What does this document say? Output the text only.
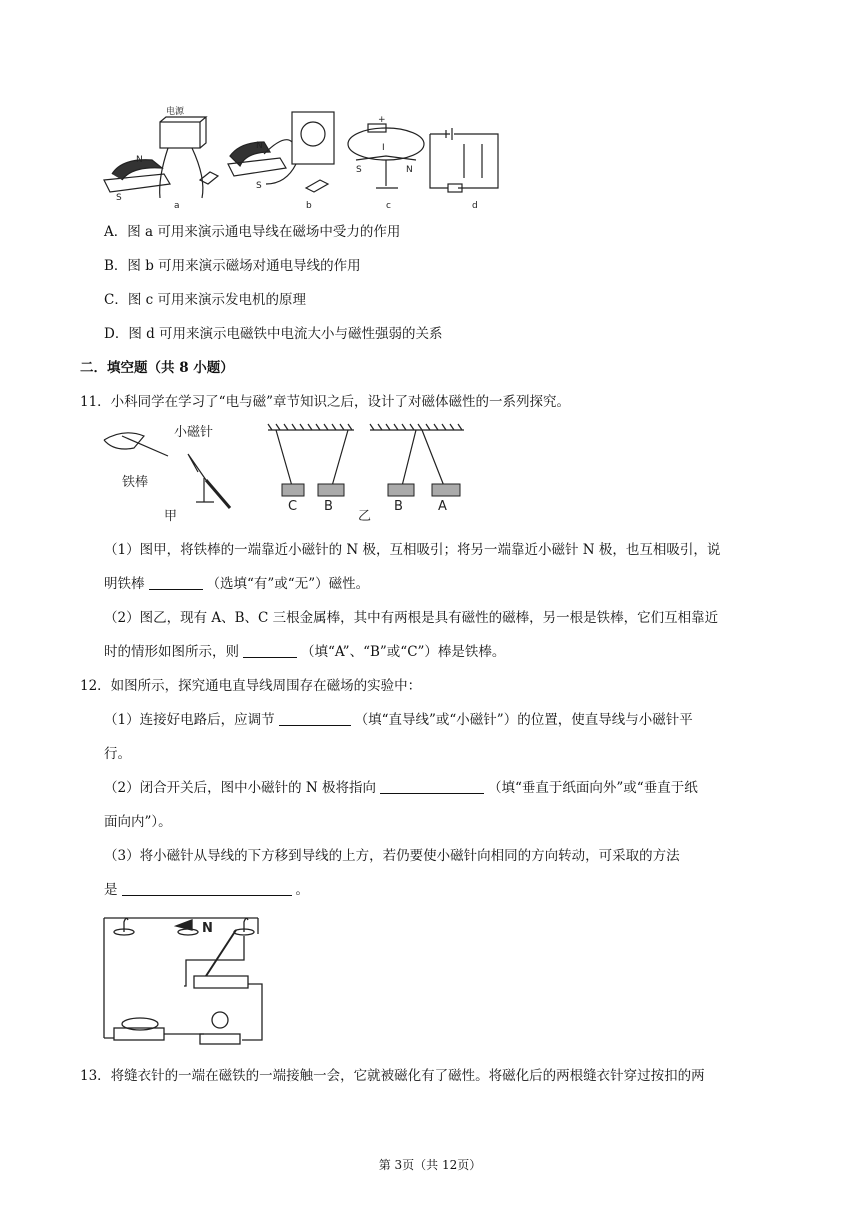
电源
N
S
a
N
S
b
+
I
S	N
c	d
A．图 a 可用来演示通电导线在磁场中受力的作用
B．图 b 可用来演示磁场对通电导线的作用
C．图 c 可用来演示发电机的原理
D．图 d 可用来演示电磁铁中电流大小与磁性强弱的关系
二．填空题（共 8 小题）
11．小科同学在学习了“电与磁”章节知识之后，设计了对磁体磁性的一系列探究。
小磁针
铁棒
甲
C B
乙
B	A
（1）图甲，将铁棒的一端靠近小磁针的 N 极，互相吸引；将另一端靠近小磁针 N 极，也互相吸引，说
明铁棒	（选填“有”或“无”）磁性。
（2）图乙，现有 A、B、C 三根金属棒，其中有两根是具有磁性的磁棒，另一根是铁棒，它们互相靠近
时的情形如图所示，则	（填“A”、“B”或“C”）棒是铁棒。
12．如图所示，探究通电直导线周围存在磁场的实验中：
（1）连接好电路后，应调节	（填“直导线”或“小磁针”）的位置，使直导线与小磁针平
行。
（2）闭合开关后，图中小磁针的 N 极将指向	（填“垂直于纸面向外”或“垂直于纸
面向内”）。
（3）将小磁针从导线的下方移到导线的上方，若仍要使小磁针向相同的方向转动，可采取的方法
是	。
N
13．将缝衣针的一端在磁铁的一端接触一会，它就被磁化有了磁性。将磁化后的两根缝衣针穿过按扣的两
第 3页（共 12页）
